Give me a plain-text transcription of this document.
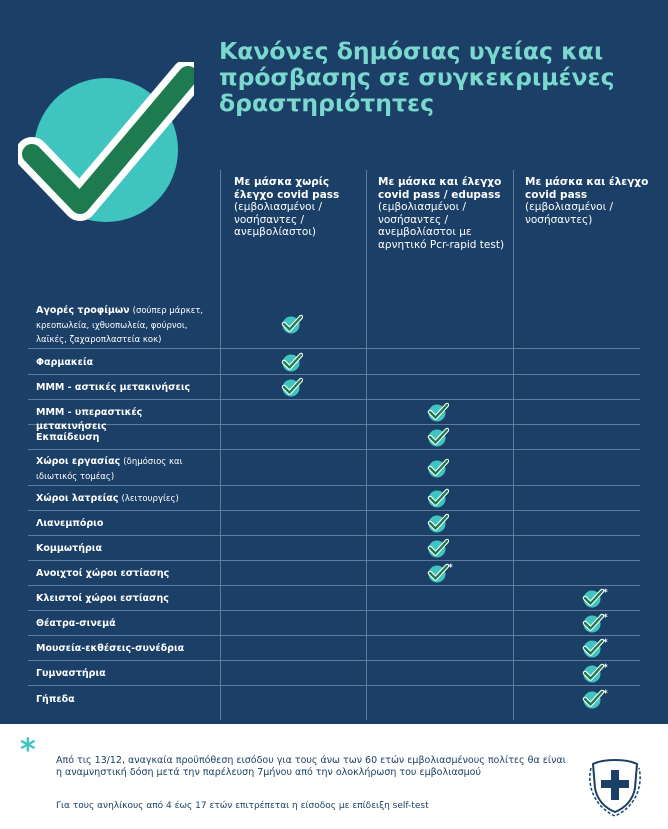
Κανόνες δημόσιας υγείας και πρόσβασης σε συγκεκριμένες δραστηριότητες
Με μάσκα χωρίς έλεγχο covid pass
(εμβολιασμένοι / νοσήσαντες / ανεμβολίαστοι)
Με μάσκα και έλεγχο covid pass / edupass
(εμβολιασμένοι / νοσήσαντες / ανεμβολίαστοι με αρνητικό Pcr-rapid test)
Με μάσκα και έλεγχο covid pass
(εμβολιασμένοι /νοσήσαντες)
Αγορές τροφίμων (σούπερ μάρκετ, κρεοπωλεία, ιχθυοπωλεία, φούρνοι, λαϊκές, ζαχαροπλαστεία κοκ)
Φαρμακεία
ΜΜΜ - αστικές μετακινήσεις
ΜΜΜ - υπεραστικές μετακινήσεις
Εκπαίδευση
Χώροι εργασίας (δημόσιος και ιδιωτικός τομέας)
Χώροι λατρείας (λειτουργίες)
Λιανεμπόριο
Κομμωτήρια
Ανοιχτοί χώροι εστίασης
Κλειστοί χώροι εστίασης
Θέατρα-σινεμά
Μουσεία-εκθέσεις-συνέδρια
Γυμναστήρια
Γήπεδα
*
*
*
*
*
*
* Από τις 13/12, αναγκαία προϋπόθεση εισόδου για τους άνω των 60 ετών εμβολιασμένους πολίτες θα είναι η αναμνηστική δόση μετά την παρέλευση 7μήνου από την ολοκλήρωση του εμβολιασμού
Για τους ανηλίκους από 4 έως 17 ετών επιτρέπεται η είσοδος με επίδειξη self-test
